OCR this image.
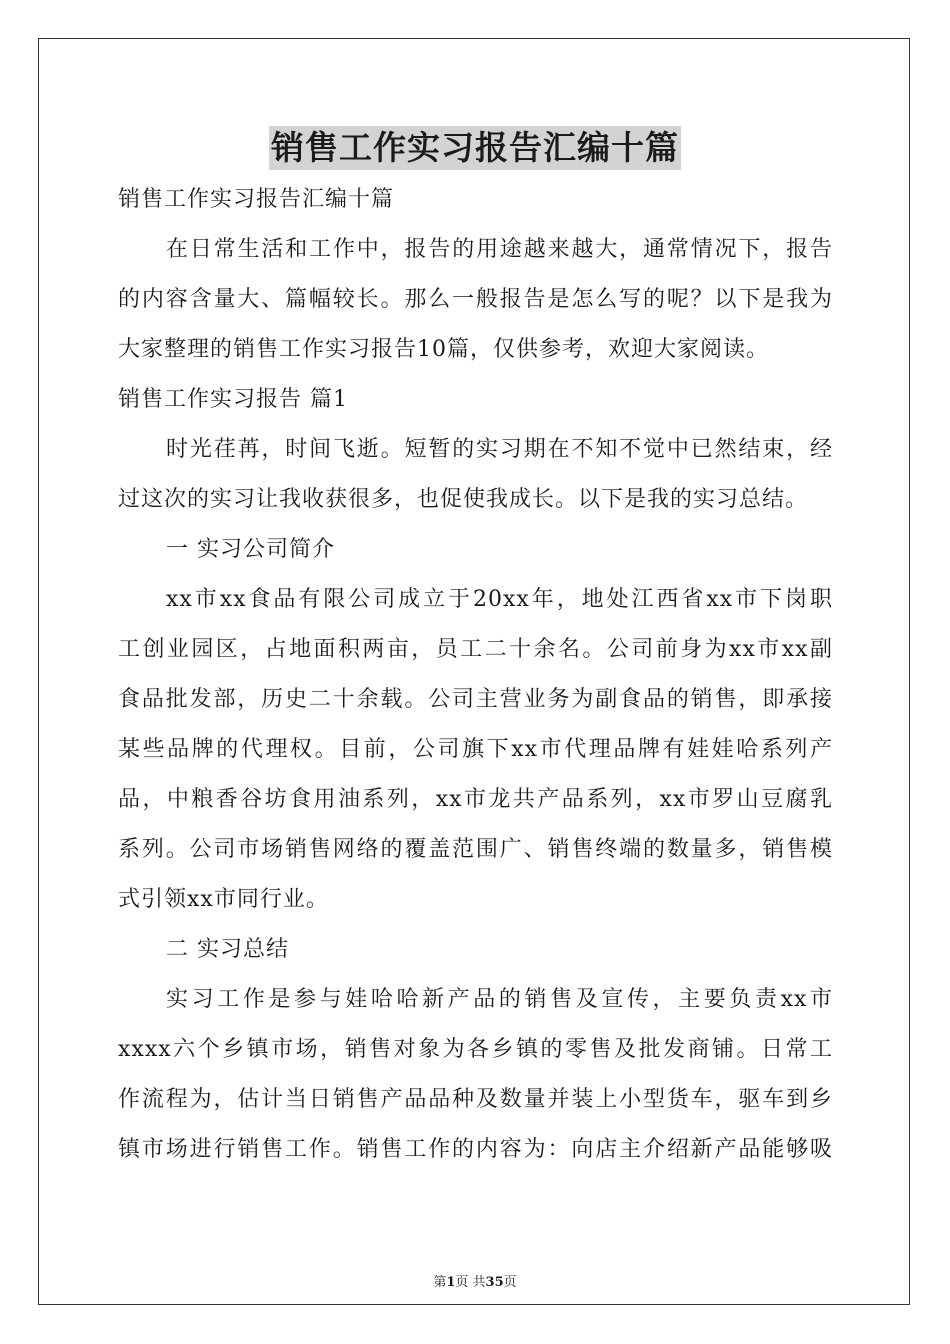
销售工作实习报告汇编十篇
销售工作实习报告汇编十篇
在日常生活和工作中，报告的用途越来越大，通常情况下，报告
的内容含量大、篇幅较长。那么一般报告是怎么写的呢？以下是我为
大家整理的销售工作实习报告10篇，仅供参考，欢迎大家阅读。
销售工作实习报告 篇1
时光荏苒，时间飞逝。短暂的实习期在不知不觉中已然结束，经
过这次的实习让我收获很多，也促使我成长。以下是我的实习总结。
一 实习公司简介
xx市xx食品有限公司成立于20xx年，地处江西省xx市下岗职
工创业园区，占地面积两亩，员工二十余名。公司前身为xx市xx副
食品批发部，历史二十余载。公司主营业务为副食品的销售，即承接
某些品牌的代理权。目前，公司旗下xx市代理品牌有娃娃哈系列产
品，中粮香谷坊食用油系列，xx市龙共产品系列，xx市罗山豆腐乳
系列。公司市场销售网络的覆盖范围广、销售终端的数量多，销售模
式引领xx市同行业。
二 实习总结
实习工作是参与娃哈哈新产品的销售及宣传，主要负责xx市
xxxx六个乡镇市场，销售对象为各乡镇的零售及批发商铺。日常工
作流程为，估计当日销售产品品种及数量并装上小型货车，驱车到乡
镇市场进行销售工作。销售工作的内容为：向店主介绍新产品能够吸
第1页 共35页
